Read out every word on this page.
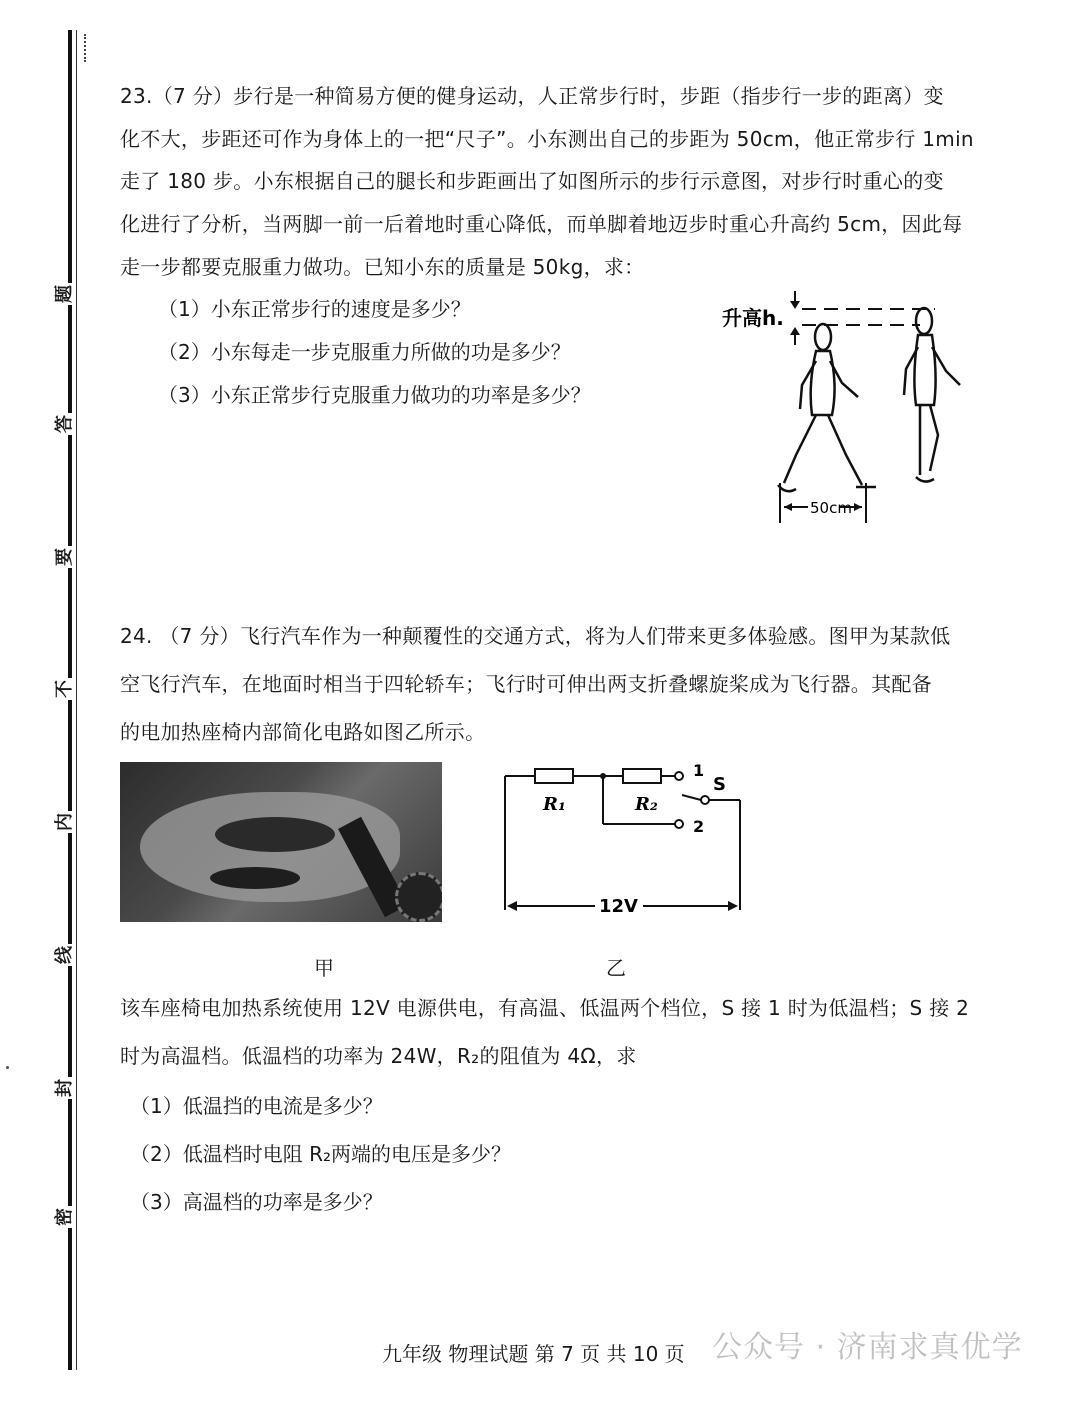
题
答
要
不
内
线
封
密
23.（7 分）步行是一种简易方便的健身运动，人正常步行时，步距（指步行一步的距离）变
化不大，步距还可作为身体上的一把“尺子”。小东测出自己的步距为 50cm，他正常步行 1min
走了 180 步。小东根据自己的腿长和步距画出了如图所示的步行示意图，对步行时重心的变
化进行了分析，当两脚一前一后着地时重心降低，而单脚着地迈步时重心升高约 5cm，因此每
走一步都要克服重力做功。已知小东的质量是 50kg，求：
（1）小东正常步行的速度是多少？
（2）小东每走一步克服重力所做的功是多少？
（3）小东正常步行克服重力做功的功率是多少？
升高h.
50cm
24. （7 分）飞行汽车作为一种颠覆性的交通方式，将为人们带来更多体验感。图甲为某款低
空飞行汽车，在地面时相当于四轮轿车；飞行时可伸出两支折叠螺旋桨成为飞行器。其配备
的电加热座椅内部简化电路如图乙所示。
R₁	R₂
1
S
2
12V
甲	乙
该车座椅电加热系统使用 12V 电源供电，有高温、低温两个档位，S 接 1 时为低温档；S 接 2
时为高温档。低温档的功率为 24W，R₂的阻值为 4Ω，求
（1）低温挡的电流是多少？
（2）低温档时电阻 R₂两端的电压是多少？
（3）高温档的功率是多少？
九年级 物理试题 第 7 页 共 10 页 公众号 · 济南求真优学
